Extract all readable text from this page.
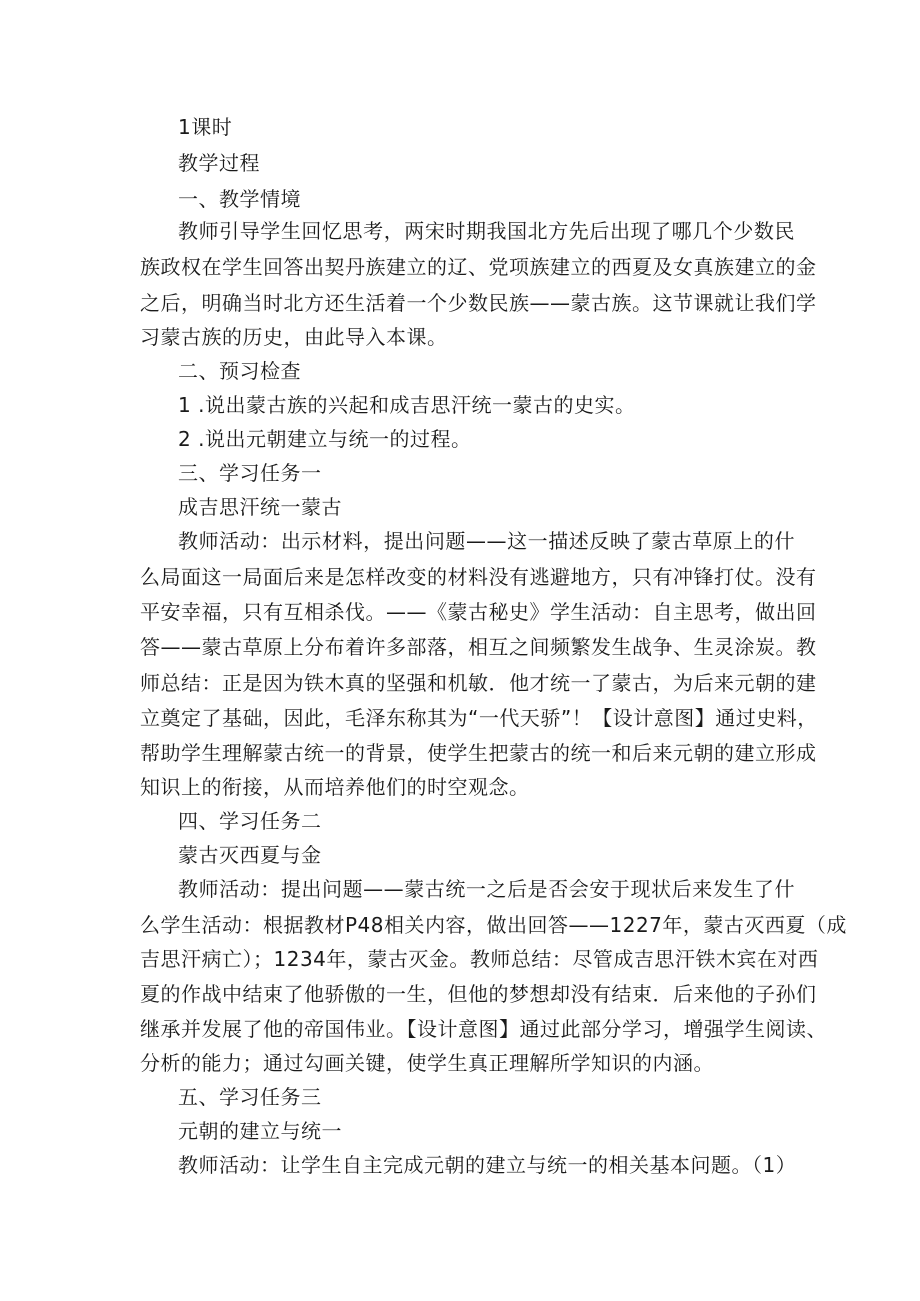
1课时
教学过程
一、教学情境
教师引导学生回忆思考，两宋时期我国北方先后出现了哪几个少数民
族政权在学生回答出契丹族建立的辽、党项族建立的西夏及女真族建立的金
之后，明确当时北方还生活着一个少数民族——蒙古族。这节课就让我们学
习蒙古族的历史，由此导入本课。
二、预习检查
1 .说出蒙古族的兴起和成吉思汗统一蒙古的史实。
2 .说出元朝建立与统一的过程。
三、学习任务一
成吉思汗统一蒙古
教师活动：出示材料，提出问题——这一描述反映了蒙古草原上的什
么局面这一局面后来是怎样改变的材料没有逃避地方，只有冲锋打仗。没有
平安幸福，只有互相杀伐。——《蒙古秘史》学生活动：自主思考，做出回
答——蒙古草原上分布着许多部落，相互之间频繁发生战争、生灵涂炭。教
师总结：正是因为铁木真的坚强和机敏．他才统一了蒙古，为后来元朝的建
立奠定了基础，因此，毛泽东称其为“一代天骄”！【设计意图】通过史料，
帮助学生理解蒙古统一的背景，使学生把蒙古的统一和后来元朝的建立形成
知识上的衔接，从而培养他们的时空观念。
四、学习任务二
蒙古灭西夏与金
教师活动：提出问题——蒙古统一之后是否会安于现状后来发生了什
么学生活动：根据教材P48相关内容，做出回答——1227年，蒙古灭西夏（成
吉思汗病亡）；1234年，蒙古灭金。教师总结：尽管成吉思汗铁木宾在对西
夏的作战中结束了他骄傲的一生，但他的梦想却没有结束．后来他的子孙们
继承并发展了他的帝国伟业。【设计意图】通过此部分学习，增强学生阅读、
分析的能力；通过勾画关键，使学生真正理解所学知识的内涵。
五、学习任务三
元朝的建立与统一
教师活动：让学生自主完成元朝的建立与统一的相关基本问题。（1）
